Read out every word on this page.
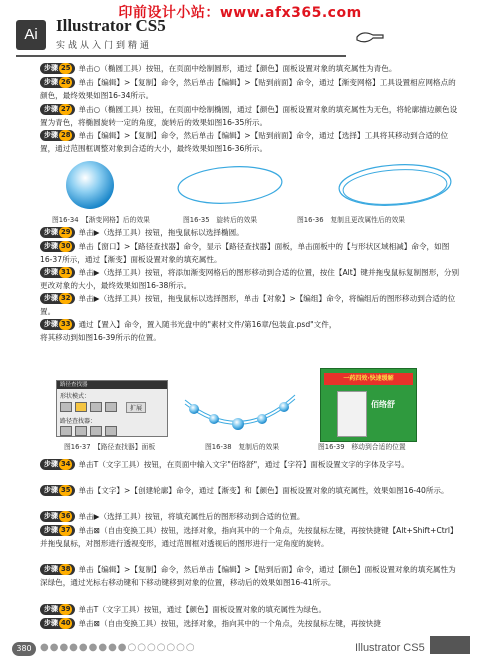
印前设计小站：www.afx365.com
Ai	Illustrator CS5
实战从入门到精通
步骤 25 单击○（椭圆工具）按钮，在页面中绘制圆形，通过【颜色】面板设置对象的填充属性为青色。
步骤 26 单击【编辑】>【复制】命令，然后单击【编辑】>【贴到前面】命令，通过【渐变网格】工具设置相应网格点的颜色，最终效果如图16-34所示。
步骤 27 单击○（椭圆工具）按钮，在页面中绘制椭圆，通过【颜色】面板设置对象的填充属性为无色，将轮廓描边颜色设置为青色，将椭圆旋转一定的角度，旋转后的效果如图16-35所示。
步骤 28 单击【编辑】>【复制】命令，然后单击【编辑】>【贴到前面】命令，通过【选择】工具将其移动到合适的位置，通过范围框调整对象到合适的大小，最终效果如图16-36所示。
图16-34　【渐变网格】后的效果	图16-35　旋转后的效果	图16-36　复制且更改属性后的效果
步骤 29 单击▶（选择工具）按钮，拖曳鼠标以选择椭圆。
步骤 30 单击【窗口】>【路径查找器】命令，显示【路径查找器】面板，单击面板中的【与形状区域相减】命令，如图16-37所示，通过【渐变】面板设置对象的填充属性。
步骤 31 单击▶（选择工具）按钮，将添加渐变网格后的图形移动到合适的位置，按住【Alt】键并拖曳鼠标复制图形，分别更改对象的大小，最终效果如图16-38所示。
步骤 32 单击▶（选择工具）按钮，拖曳鼠标以选择图形，单击【对象】>【编组】命令，将编组后的图形移动到合适的位置。
步骤 33 通过【置入】命令，置入随书光盘中的"素材文件/第16章/包装盒.psd"文件，将其移动到如图16-39所示的位置。
路径查找器
形状模式：
扩展
路径查找器：
一药四效·快速缓解
佰络舒
图16-37　【路径查找器】面板	图16-38　复制后的效果	图16-39　移动到合适的位置
步骤 34 单击T（文字工具）按钮，在页面中输入文字"佰络舒"，通过【字符】面板设置文字的字体及字号。
步骤 35 单击【文字】>【创建轮廓】命令，通过【渐变】和【颜色】面板设置对象的填充属性，效果如图16-40所示。
步骤 36 单击▶（选择工具）按钮，将填充属性后的图形移动到合适的位置。
步骤 37 单击⊠（自由变换工具）按钮，选择对象，指向其中的一个角点，先按鼠标左键，再按快捷键【Alt+Shift+Ctrl】并拖曳鼠标，对图形进行透视变形，通过范围框对透视后的图形进行一定角度的旋转。
步骤 38 单击【编辑】>【复制】命令，然后单击【编辑】>【贴到后面】命令，通过【颜色】面板设置对象的填充属性为深绿色，通过光标右移动键和下移动键移到对象的位置，移动后的效果如图16-41所示。
步骤 39 单击T（文字工具）按钮，通过【颜色】面板设置对象的填充属性为绿色。
步骤 40 单击⊠（自由变换工具）按钮，选择对象，指向其中的一个角点，先按鼠标左键，再按快捷
380 ●●●●●●●●●○○○○○○○	Illustrator CS5
